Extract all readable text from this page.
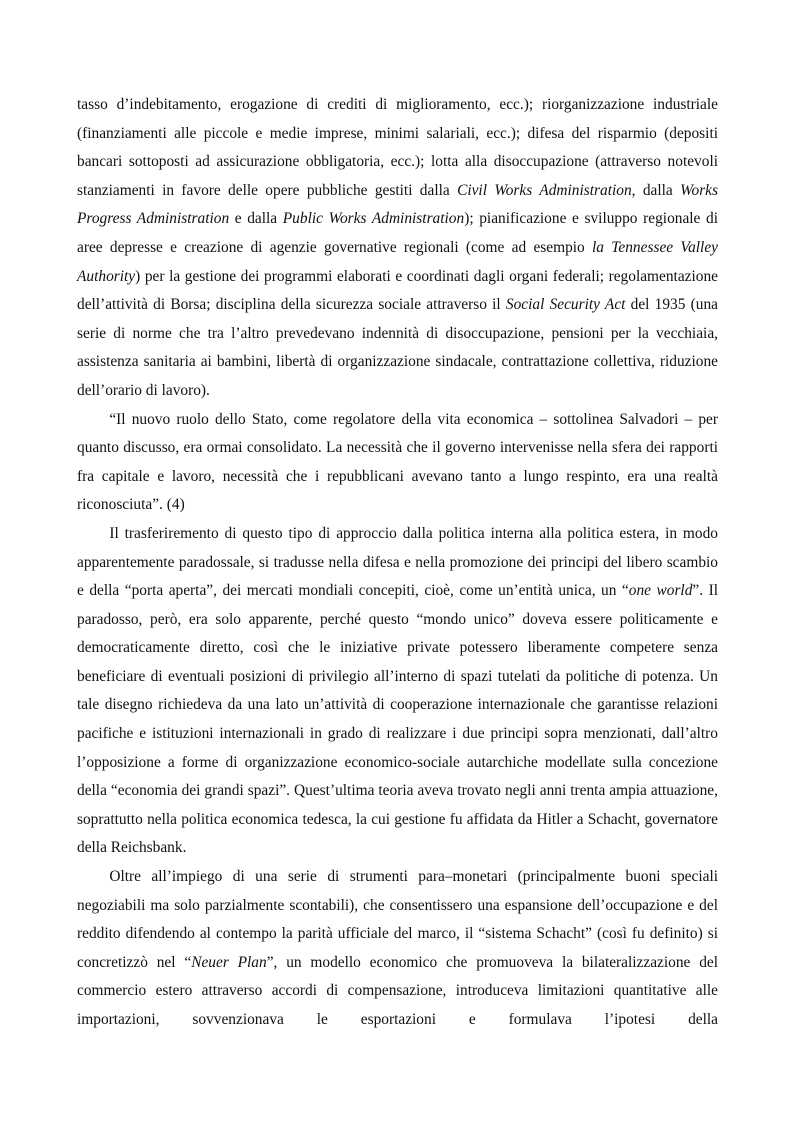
tasso d’indebitamento, erogazione di crediti di miglioramento, ecc.); riorganizzazione industriale (finanziamenti alle piccole e medie imprese, minimi salariali, ecc.); difesa del risparmio (depositi bancari sottoposti ad assicurazione obbligatoria, ecc.); lotta alla disoccupazione (attraverso notevoli stanziamenti in favore delle opere pubbliche gestiti dalla Civil Works Administration, dalla Works Progress Administration e dalla Public Works Administration); pianificazione e sviluppo regionale di aree depresse e creazione di agenzie governative regionali (come ad esempio la Tennessee Valley Authority) per la gestione dei programmi elaborati e coordinati dagli organi federali; regolamentazione dell’attività di Borsa; disciplina della sicurezza sociale attraverso il Social Security Act del 1935 (una serie di norme che tra l’altro prevedevano indennità di disoccupazione, pensioni per la vecchiaia, assistenza sanitaria ai bambini, libertà di organizzazione sindacale, contrattazione collettiva, riduzione dell’orario di lavoro).

“Il nuovo ruolo dello Stato, come regolatore della vita economica – sottolinea Salvadori – per quanto discusso, era ormai consolidato. La necessità che il governo intervenisse nella sfera dei rapporti fra capitale e lavoro, necessità che i repubblicani avevano tanto a lungo respinto, era una realtà riconosciuta”. (4)

Il trasferiremento di questo tipo di approccio dalla politica interna alla politica estera, in modo apparentemente paradossale, si tradusse nella difesa e nella promozione dei principi del libero scambio e della “porta aperta”, dei mercati mondiali concepiti, cioè, come un’entità unica, un “one world”. Il paradosso, però, era solo apparente, perché questo “mondo unico” doveva essere politicamente e democraticamente diretto, così che le iniziative private potessero liberamente competere senza beneficiare di eventuali posizioni di privilegio all’interno di spazi tutelati da politiche di potenza. Un tale disegno richiedeva da una lato un’attività di cooperazione internazionale che garantisse relazioni pacifiche e istituzioni internazionali in grado di realizzare i due principi sopra menzionati, dall’altro l’opposizione a forme di organizzazione economico-sociale autarchiche modellate sulla concezione della “economia dei grandi spazi”. Quest’ultima teoria aveva trovato negli anni trenta ampia attuazione, soprattutto nella politica economica tedesca, la cui gestione fu affidata da Hitler a Schacht, governatore della Reichsbank.

Oltre all’impiego di una serie di strumenti para–monetari (principalmente buoni speciali negoziabili ma solo parzialmente scontabili), che consentissero una espansione dell’occupazione e del reddito difendendo al contempo la parità ufficiale del marco, il “sistema Schacht” (così fu definito) si concretizzò nel “Neuer Plan”, un modello economico che promuoveva la bilateralizzazione del commercio estero attraverso accordi di compensazione, introduceva limitazioni quantitative alle importazioni, sovvenzionava le esportazioni e formulava l’ipotesi della
